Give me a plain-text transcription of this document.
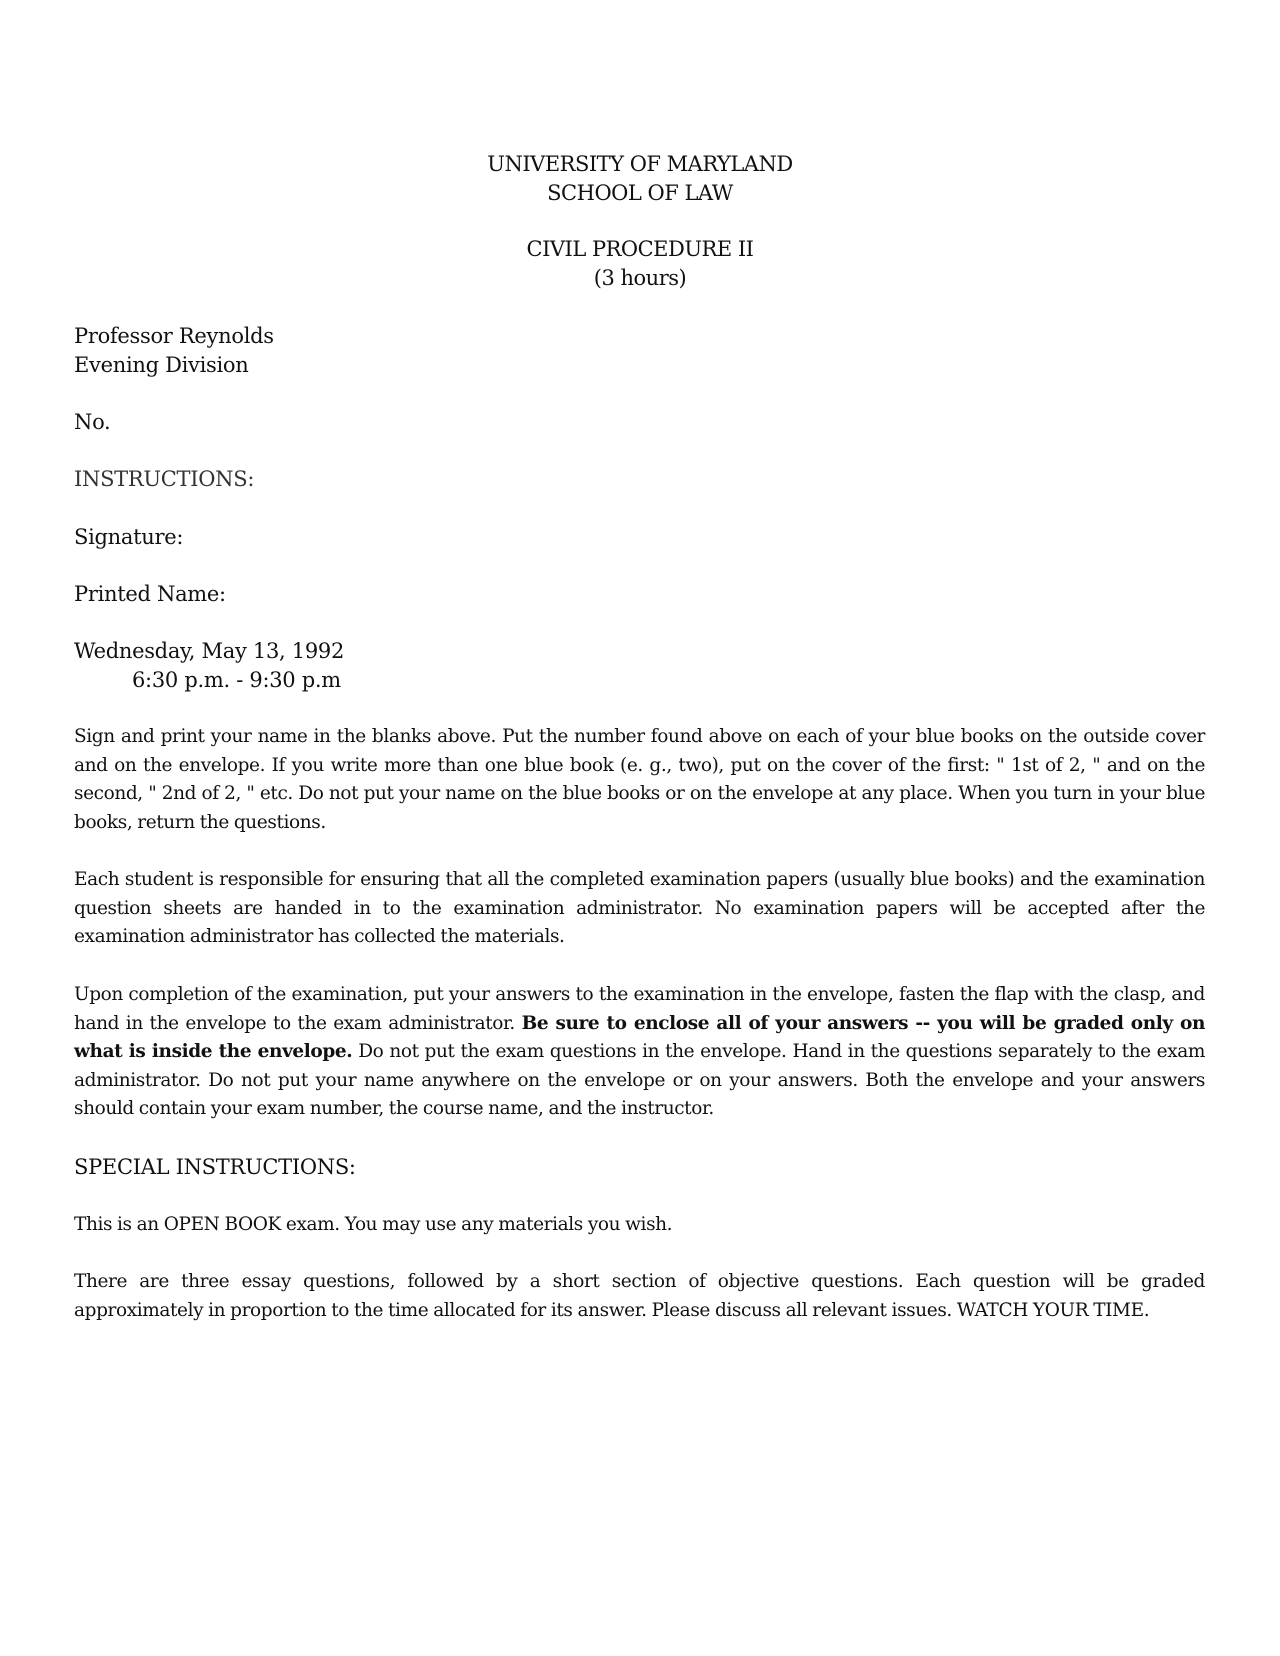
UNIVERSITY OF MARYLAND
SCHOOL OF LAW
CIVIL PROCEDURE II
(3 hours)
Professor Reynolds
Evening Division
No.
INSTRUCTIONS:
Signature:
Printed Name:
Wednesday, May 13, 1992
6:30 p.m. - 9:30 p.m
Sign and print your name in the blanks above. Put the number found above on each of your blue books on the outside cover and on the envelope. If you write more than one blue book (e. g., two), put on the cover of the first: " 1st of 2, " and on the second, " 2nd of 2, " etc. Do not put your name on the blue books or on the envelope at any place. When you turn in your blue books, return the questions.
Each student is responsible for ensuring that all the completed examination papers (usually blue books) and the examination question sheets are handed in to the examination administrator. No examination papers will be accepted after the examination administrator has collected the materials.
Upon completion of the examination, put your answers to the examination in the envelope, fasten the flap with the clasp, and hand in the envelope to the exam administrator. Be sure to enclose all of your answers -- you will be graded only on what is inside the envelope. Do not put the exam questions in the envelope. Hand in the questions separately to the exam administrator. Do not put your name anywhere on the envelope or on your answers. Both the envelope and your answers should contain your exam number, the course name, and the instructor.
SPECIAL INSTRUCTIONS:
This is an OPEN BOOK exam. You may use any materials you wish.
There are three essay questions, followed by a short section of objective questions. Each question will be graded approximately in proportion to the time allocated for its answer. Please discuss all relevant issues. WATCH YOUR TIME.
